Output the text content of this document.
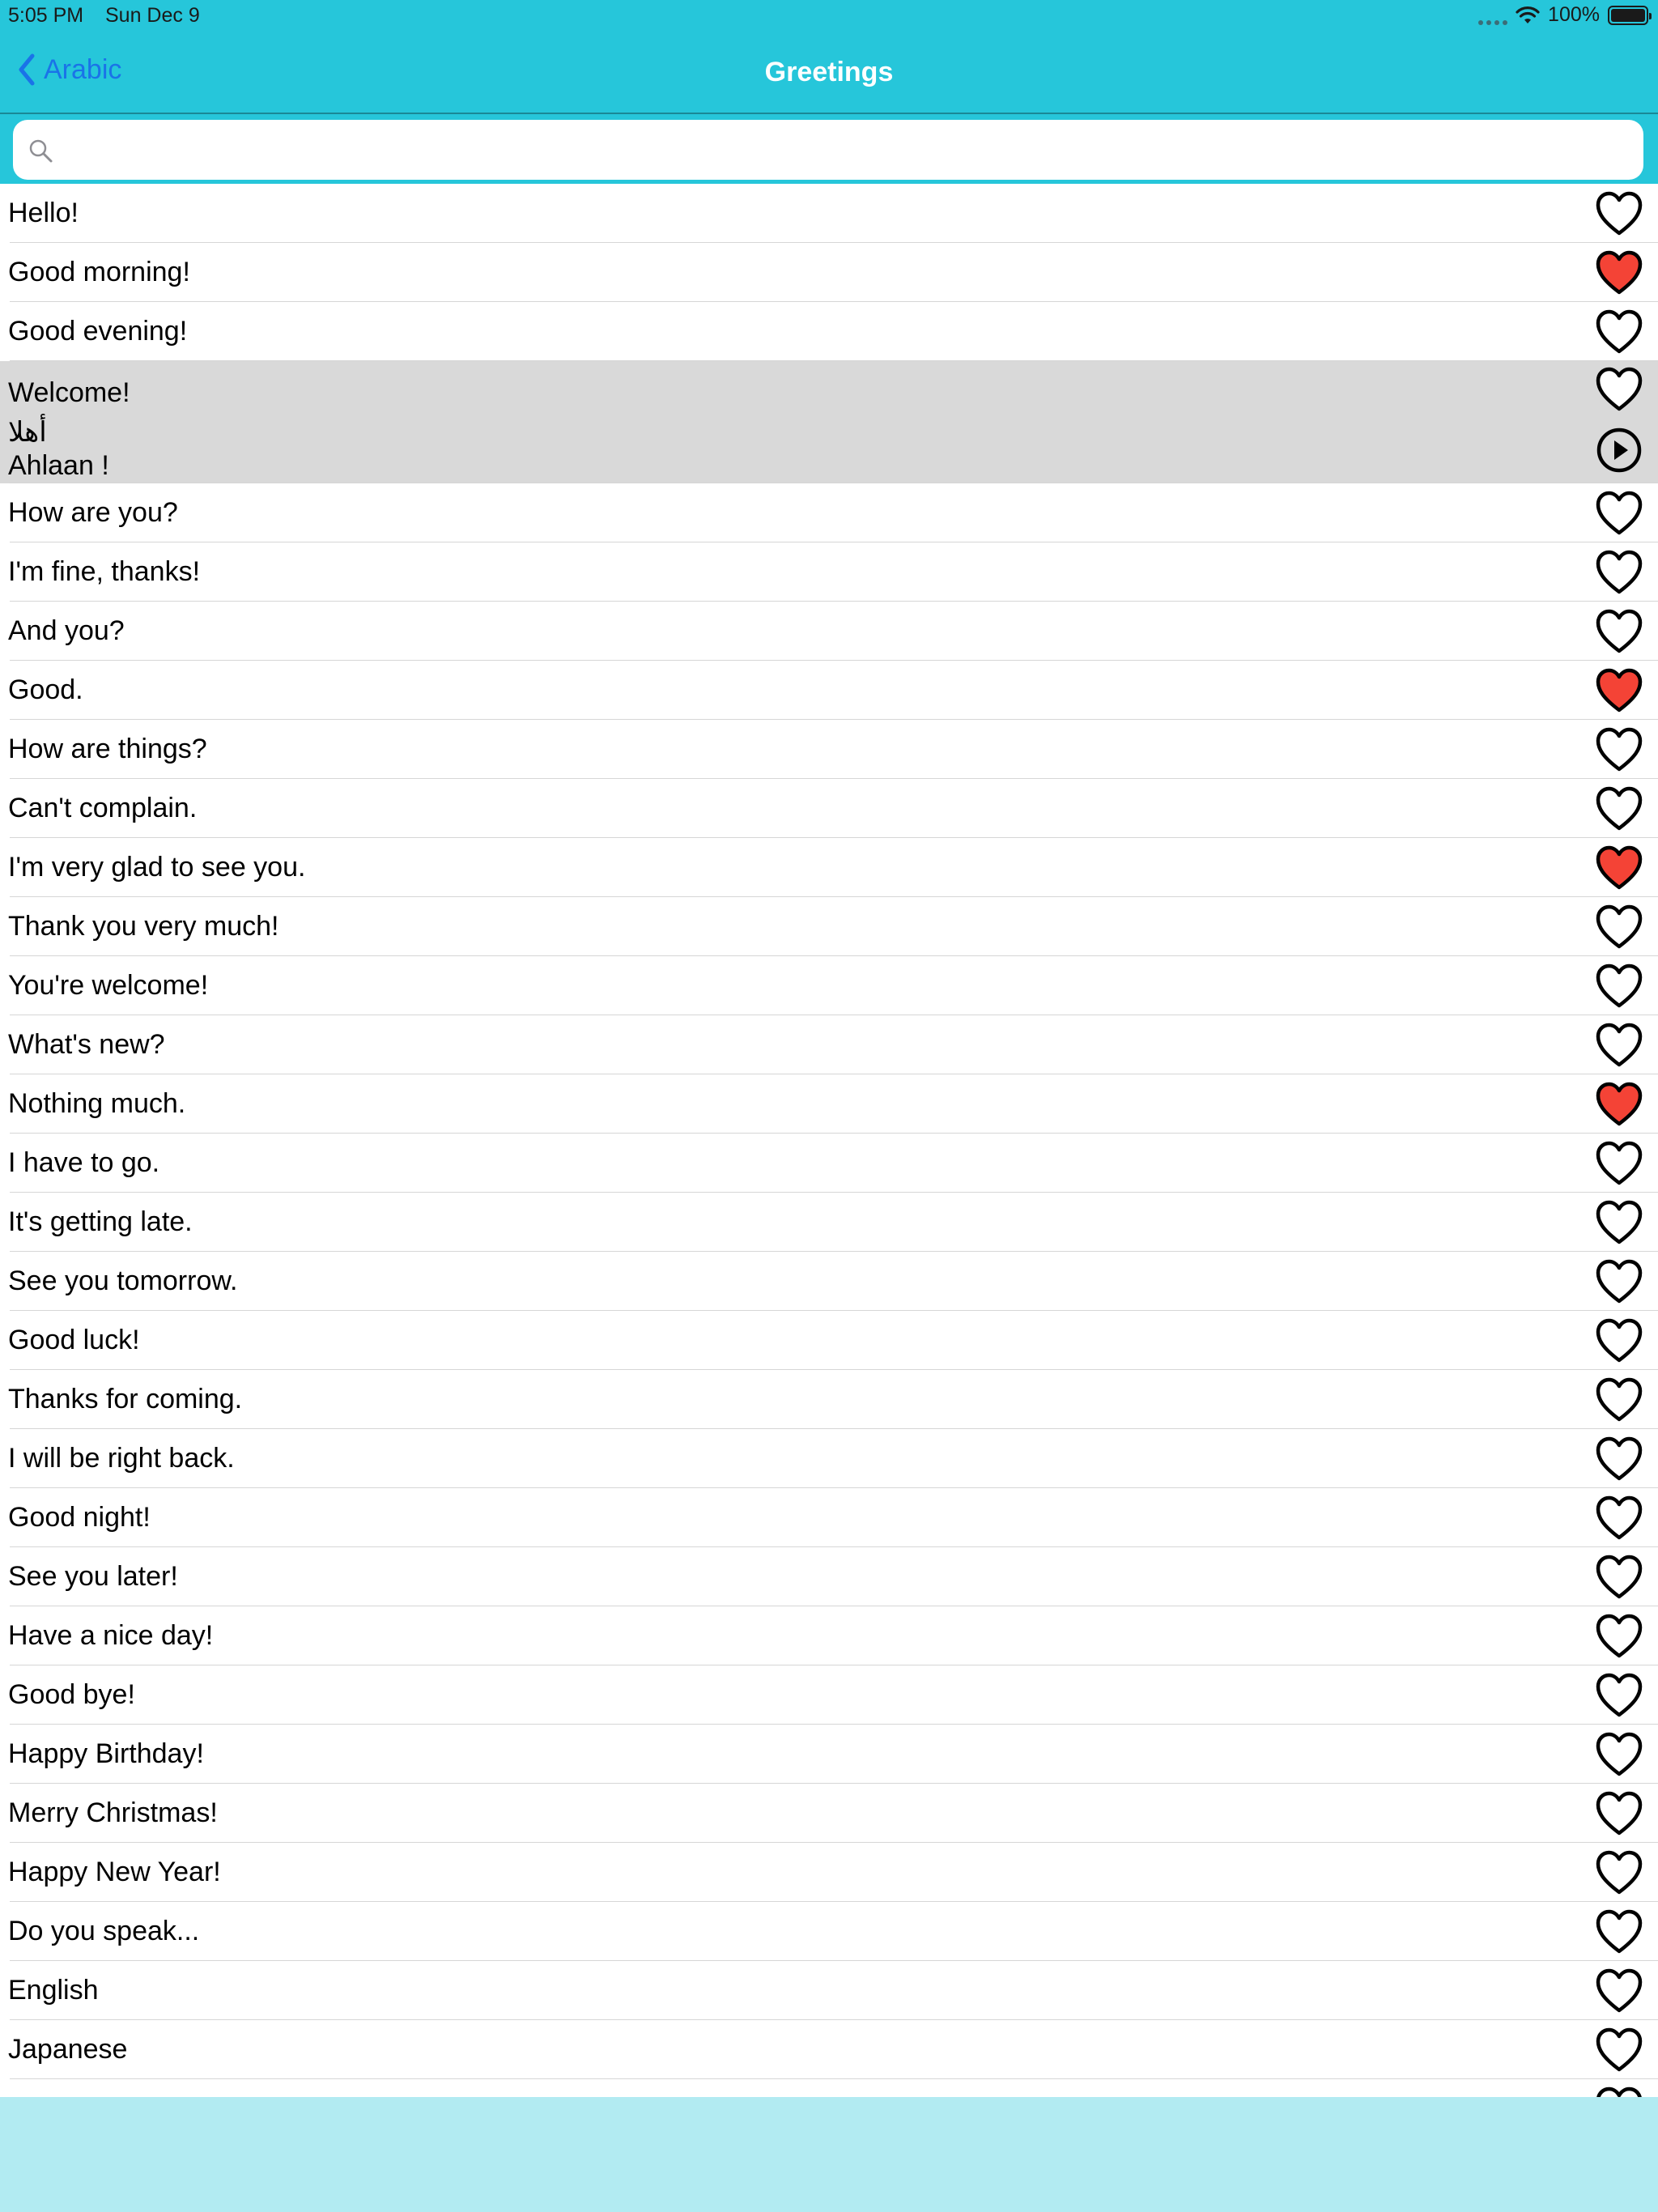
5:05 PM Sun Dec 9	100%
Arabic	Greetings
Hello!
Good morning!
Good evening!
Welcome!
أهلا
Ahlaan !
How are you?
I'm fine, thanks!
And you?
Good.
How are things?
Can't complain.
I'm very glad to see you.
Thank you very much!
You're welcome!
What's new?
Nothing much.
I have to go.
It's getting late.
See you tomorrow.
Good luck!
Thanks for coming.
I will be right back.
Good night!
See you later!
Have a nice day!
Good bye!
Happy Birthday!
Merry Christmas!
Happy New Year!
Do you speak...
English
Japanese
